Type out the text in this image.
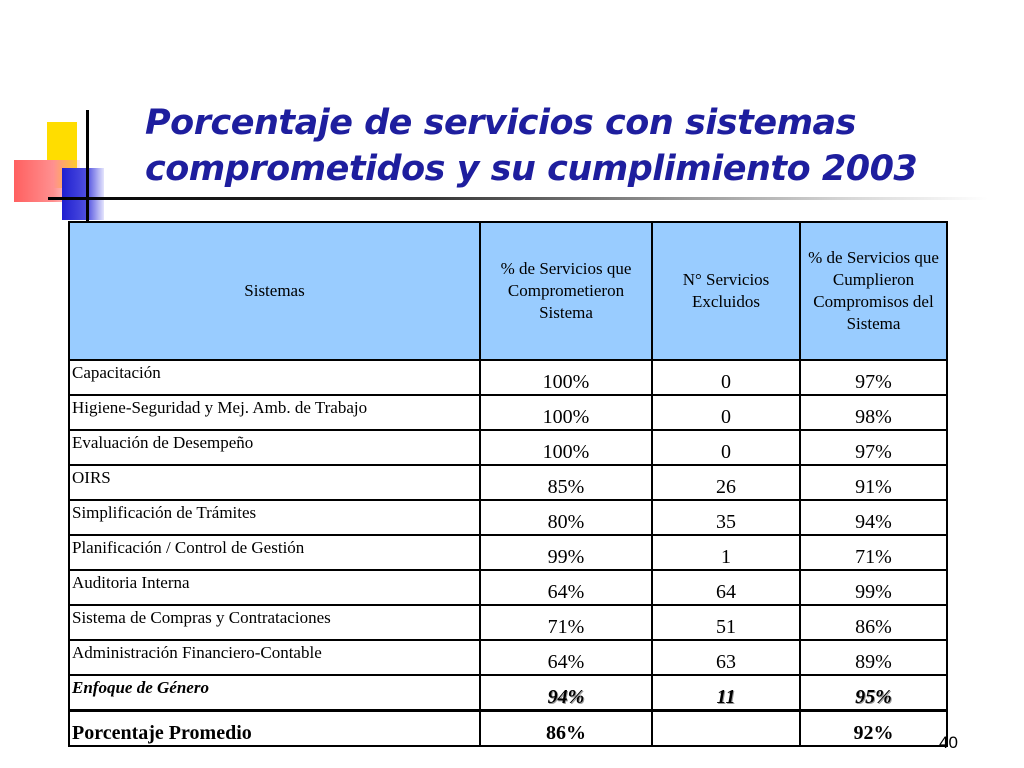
Porcentaje de servicios con sistemas
comprometidos y su cumplimiento 2003
Sistemas	% de Servicios que Comprometieron Sistema	N° Servicios Excluidos	% de Servicios que Cumplieron Compromisos del Sistema
Capacitación	100%	0	97%
Higiene-Seguridad y Mej. Amb. de Trabajo	100%	0	98%
Evaluación de Desempeño	100%	0	97%
OIRS	85%	26	91%
Simplificación de Trámites	80%	35	94%
Planificación / Control de Gestión	99%	1	71%
Auditoria Interna	64%	64	99%
Sistema de Compras y Contrataciones	71%	51	86%
Administración Financiero-Contable	64%	63	89%
Enfoque de Género	94%	11	95%
Porcentaje Promedio	86%		92%	40
